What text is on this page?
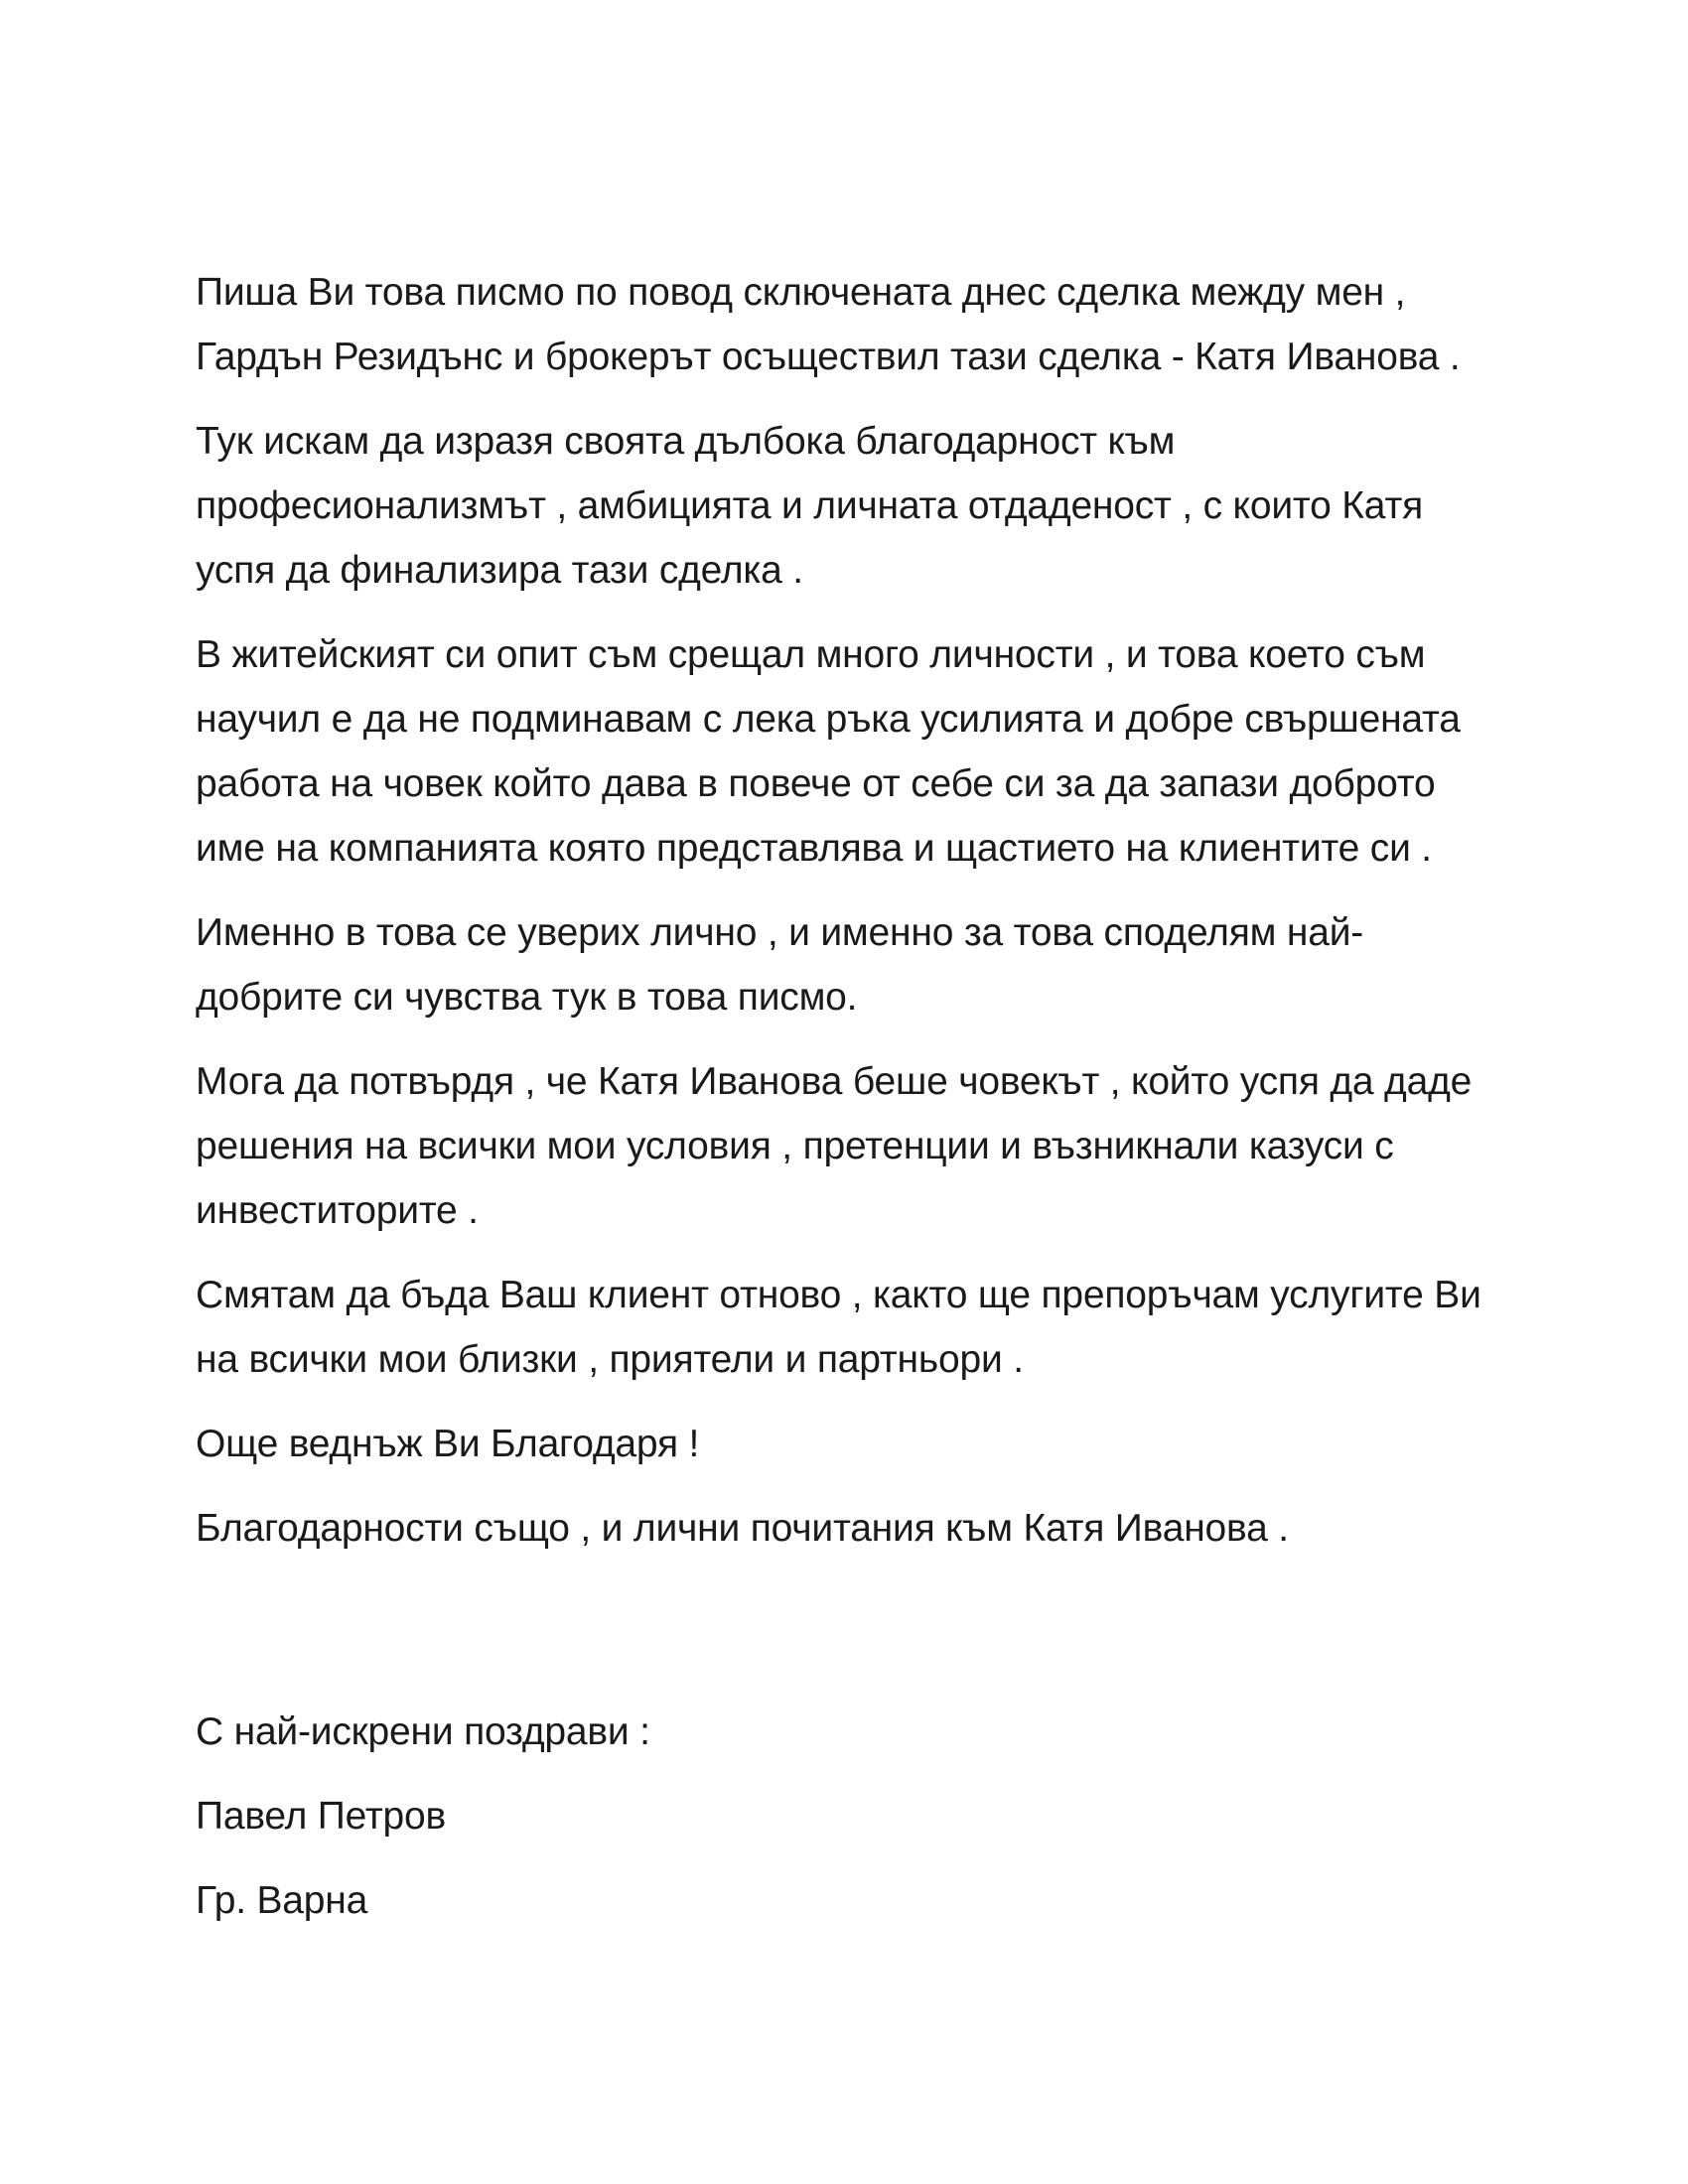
Пиша Ви това писмо по повод сключената днес сделка между мен , Гардън Резидънс и брокерът осъществил тази сделка - Катя Иванова .

Тук искам да изразя своята дълбока благодарност към професионализмът , амбицията и личната отдаденост , с които Катя успя да финализира тази сделка .

В житейският си опит съм срещал много личности , и това което съм научил е да не подминавам с лека ръка усилията и добре свършената работа на човек който дава в повече от себе си за да запази доброто име на компанията която представлява и щастието на клиентите си .

Именно в това се уверих лично , и именно за това споделям най-добрите си чувства тук в това писмо.

Мога да потвърдя , че Катя Иванова беше човекът , който успя да даде решения на всички мои условия , претенции и възникнали казуси с инвеститорите .

Смятам да бъда Ваш клиент отново , както ще препоръчам услугите Ви на всички мои близки , приятели и партньори .

Още веднъж Ви Благодаря !

Благодарности също , и лични почитания към Катя Иванова .

С най-искрени поздрави :

Павел Петров

Гр. Варна
